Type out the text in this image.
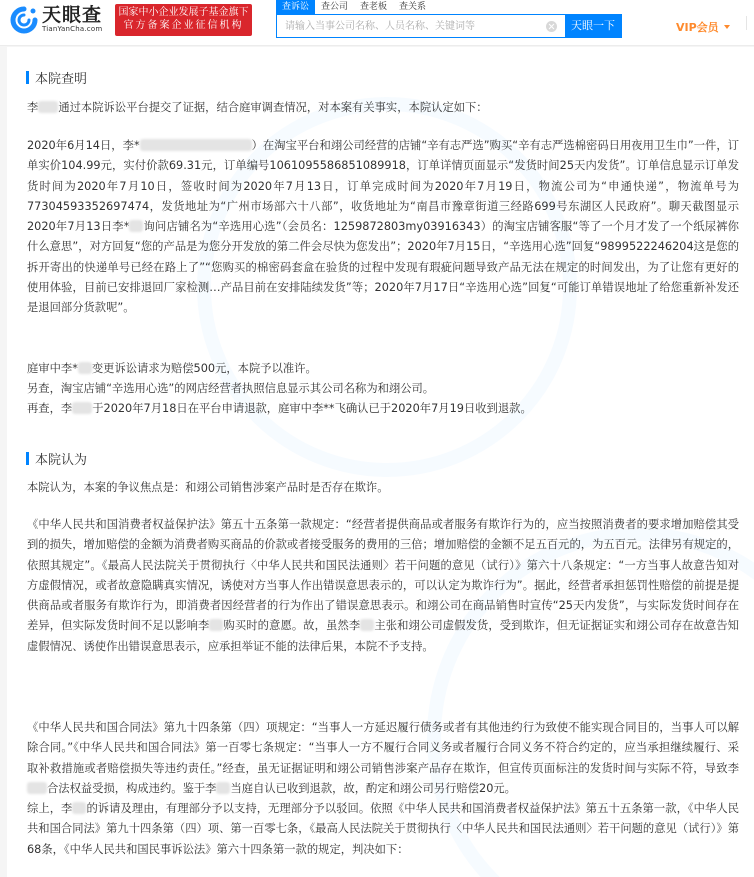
天眼查
TianYanCha.com
国家中小企业发展子基金旗下
官方备案企业征信机构
查诉讼	查公司	查老板	查关系
请输入当事公司名称、人员名称、关键词等
天眼一下	VIP会员
本院查明
李 通过本院诉讼平台提交了证据，结合庭审调查情况，对本案有关事实，本院认定如下：
2020年6月14日，李*	）在淘宝平台和翊公司经营的店铺“辛有志严选”购买“辛有志严选棉密码日用夜用卫生巾”一件，订单实价104.99元，实付价款69.31元，订单编号1061095586851089918，订单详情页面显示“发货时间25天内发货”。订单信息显示订单发货时间为2020年7月10日，签收时间为2020年7月13日，订单完成时间为2020年7月19日，物流公司为“申通快递”，物流单号为77304593352697474，发货地址为“广州市场部六十八部”，收货地址为“南昌市豫章街道三经路699号东湖区人民政府”。聊天截图显示2020年7月13日李* 询问店铺名为“辛选用心选”（会员名：1259872803my03916343）的淘宝店铺客服“等了一个月才发了一个纸尿裤你什么意思”，对方回复“您的产品是为您分开发放的第二件会尽快为您发出”；2020年7月15日，“辛选用心选”回复“9899522246204这是您的拆开寄出的快递单号已经在路上了”“您购买的棉密码套盒在验货的过程中发现有瑕疵问题导致产品无法在规定的时间发出，为了让您有更好的使用体验，目前已安排退回厂家检测…产品目前在安排陆续发货”等；2020年7月17日“辛选用心选”回复“可能订单错误地址了给您重新补发还是退回部分货款呢”。
庭审中李* 变更诉讼请求为赔偿500元，本院予以准许。
另查，淘宝店铺“辛选用心选”的网店经营者执照信息显示其公司名称为和翊公司。
再查，李 于2020年7月18日在平台申请退款，庭审中李**飞确认已于2020年7月19日收到退款。
本院认为
本院认为，本案的争议焦点是：和翊公司销售涉案产品时是否存在欺诈。
《中华人民共和国消费者权益保护法》第五十五条第一款规定：“经营者提供商品或者服务有欺诈行为的，应当按照消费者的要求增加赔偿其受到的损失，增加赔偿的金额为消费者购买商品的价款或者接受服务的费用的三倍；增加赔偿的金额不足五百元的，为五百元。法律另有规定的，依照其规定”。《最高人民法院关于贯彻执行〈中华人民共和国民法通则〉若干问题的意见（试行）》第六十八条规定：“一方当事人故意告知对方虚假情况，或者故意隐瞒真实情况，诱使对方当事人作出错误意思表示的，可以认定为欺诈行为”。据此，经营者承担惩罚性赔偿的前提是提供商品或者服务有欺诈行为，即消费者因经营者的行为作出了错误意思表示。和翊公司在商品销售时宣传“25天内发货”，与实际发货时间存在差异，但实际发货时间不足以影响李 购买时的意愿。故，虽然李 主张和翊公司虚假发货，受到欺诈，但无证据证实和翊公司存在故意告知虚假情况、诱使作出错误意思表示，应承担举证不能的法律后果，本院不予支持。
《中华人民共和国合同法》第九十四条第（四）项规定：“当事人一方延迟履行债务或者有其他违约行为致使不能实现合同目的，当事人可以解除合同。”《中华人民共和国合同法》第一百零七条规定：“当事人一方不履行合同义务或者履行合同义务不符合约定的，应当承担继续履行、采取补救措施或者赔偿损失等违约责任。”经查，虽无证据证明和翊公司销售涉案产品存在欺诈，但宣传页面标注的发货时间与实际不符，导致李合法权益受损，构成违约。鉴于李 当庭自认已收到退款，故，酌定和翊公司另行赔偿20元。
综上，李 的诉请及理由，有理部分予以支持，无理部分予以驳回。依照《中华人民共和国消费者权益保护法》第五十五条第一款，《中华人民共和国合同法》第九十四条第（四）项、第一百零七条，《最高人民法院关于贯彻执行〈中华人民共和国民法通则〉若干问题的意见（试行）》第68条，《中华人民共和国民事诉讼法》第六十四条第一款的规定，判决如下：
